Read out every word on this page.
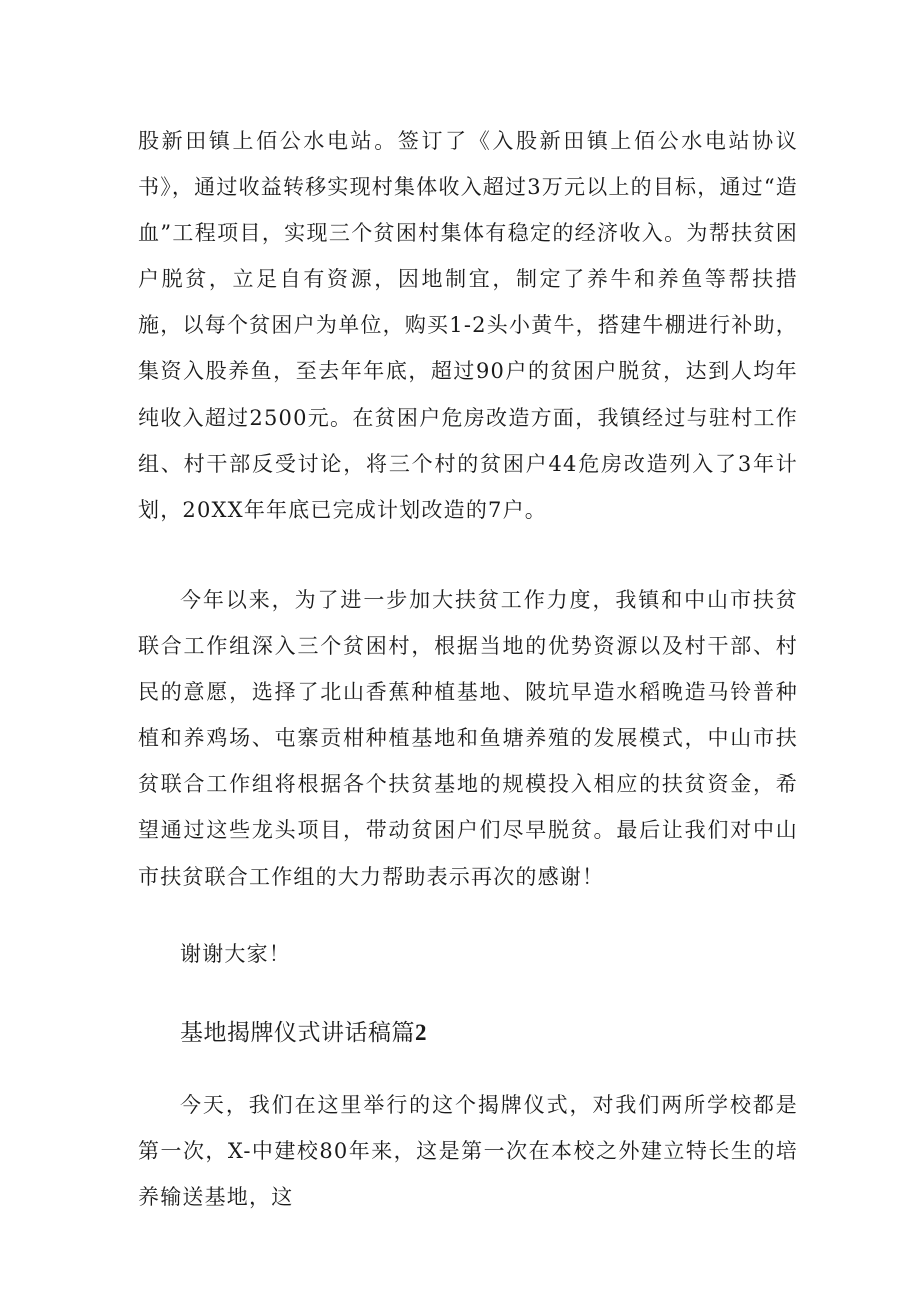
股新田镇上佰公水电站。签订了《入股新田镇上佰公水电站协议书》，通过收益转移实现村集体收入超过3万元以上的目标，通过“造血”工程项目，实现三个贫困村集体有稳定的经济收入。为帮扶贫困户脱贫，立足自有资源，因地制宜，制定了养牛和养鱼等帮扶措施，以每个贫困户为单位，购买1-2头小黄牛，搭建牛棚进行补助，集资入股养鱼，至去年年底，超过90户的贫困户脱贫，达到人均年纯收入超过2500元。在贫困户危房改造方面，我镇经过与驻村工作组、村干部反受讨论，将三个村的贫困户44危房改造列入了3年计划，20XX年年底已完成计划改造的7户。

今年以来，为了进一步加大扶贫工作力度，我镇和中山市扶贫联合工作组深入三个贫困村，根据当地的优势资源以及村干部、村民的意愿，选择了北山香蕉种植基地、陂坑早造水稻晚造马铃普种植和养鸡场、屯寨贡柑种植基地和鱼塘养殖的发展模式，中山市扶贫联合工作组将根据各个扶贫基地的规模投入相应的扶贫资金，希望通过这些龙头项目，带动贫困户们尽早脱贫。最后让我们对中山市扶贫联合工作组的大力帮助表示再次的感谢！

谢谢大家！

基地揭牌仪式讲话稿篇2

今天，我们在这里举行的这个揭牌仪式，对我们两所学校都是第一次，X-中建校80年来，这是第一次在本校之外建立特长生的培养输送基地，这
